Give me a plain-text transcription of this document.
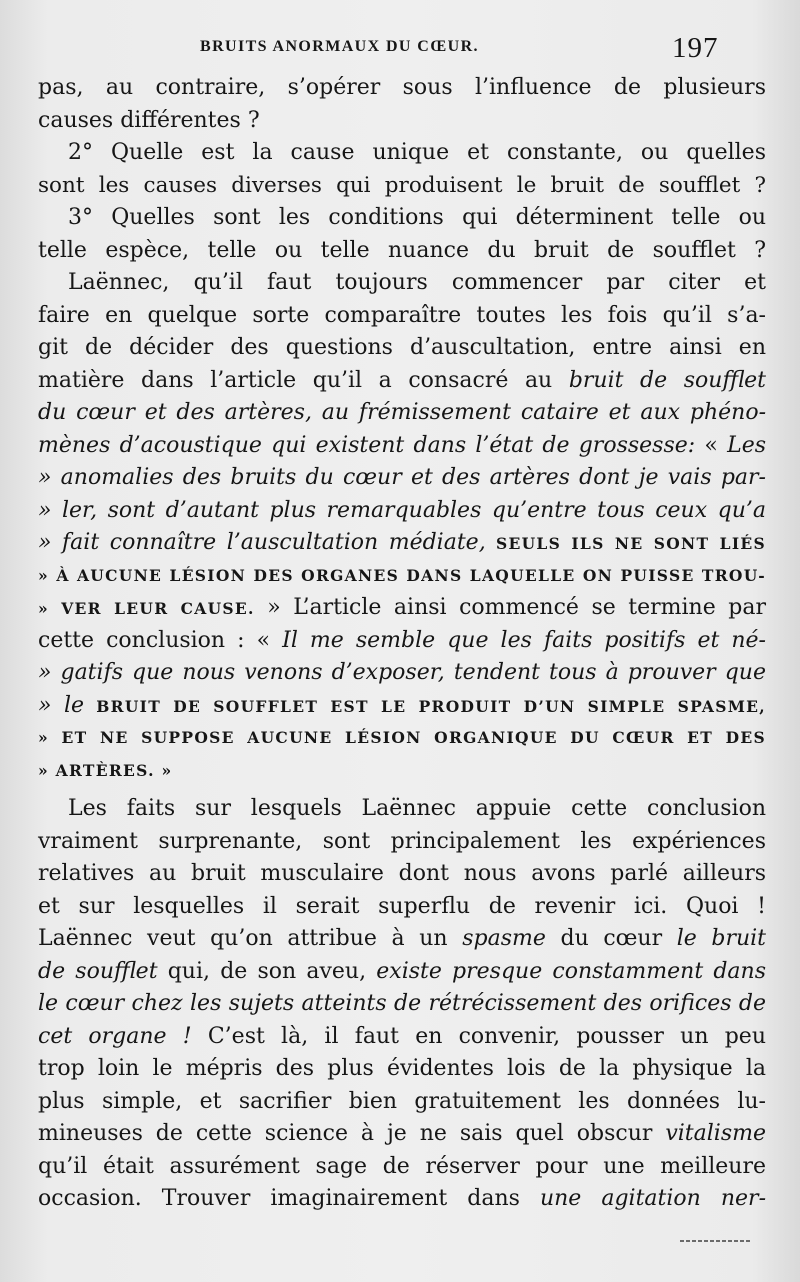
BRUITS ANORMAUX DU CŒUR.	197
pas, au contraire, s’opérer sous l’influence de plusieurs
causes différentes ?
2° Quelle est la cause unique et constante, ou quelles
sont les causes diverses qui produisent le bruit de soufflet ?
3° Quelles sont les conditions qui déterminent telle ou
telle espèce, telle ou telle nuance du bruit de soufflet ?
Laënnec, qu’il faut toujours commencer par citer et
faire en quelque sorte comparaître toutes les fois qu’il s’a-
git de décider des questions d’auscultation, entre ainsi en
matière dans l’article qu’il a consacré au bruit de soufflet
du cœur et des artères, au frémissement cataire et aux phéno-
mènes d’acoustique qui existent dans l’état de grossesse: « Les
» anomalies des bruits du cœur et des artères dont je vais par-
» ler, sont d’autant plus remarquables qu’entre tous ceux qu’a
» fait connaître l’auscultation médiate, SEULS ILS NE SONT LIÉS
» À AUCUNE LÉSION DES ORGANES DANS LAQUELLE ON PUISSE TROU-
» VER LEUR CAUSE. » L’article ainsi commencé se termine par
cette conclusion : « Il me semble que les faits positifs et né-
» gatifs que nous venons d’exposer, tendent tous à prouver que
» le BRUIT DE SOUFFLET EST LE PRODUIT D’UN SIMPLE SPASME,
» ET NE SUPPOSE AUCUNE LÉSION ORGANIQUE DU CŒUR ET DES
» ARTÈRES. »
Les faits sur lesquels Laënnec appuie cette conclusion
vraiment surprenante, sont principalement les expériences
relatives au bruit musculaire dont nous avons parlé ailleurs
et sur lesquelles il serait superflu de revenir ici. Quoi !
Laënnec veut qu’on attribue à un spasme du cœur le bruit
de soufflet qui, de son aveu, existe presque constamment dans
le cœur chez les sujets atteints de rétrécissement des orifices de
cet organe ! C’est là, il faut en convenir, pousser un peu
trop loin le mépris des plus évidentes lois de la physique la
plus simple, et sacrifier bien gratuitement les données lu-
mineuses de cette science à je ne sais quel obscur vitalisme
qu’il était assurément sage de réserver pour une meilleure
occasion. Trouver imaginairement dans une agitation ner-
